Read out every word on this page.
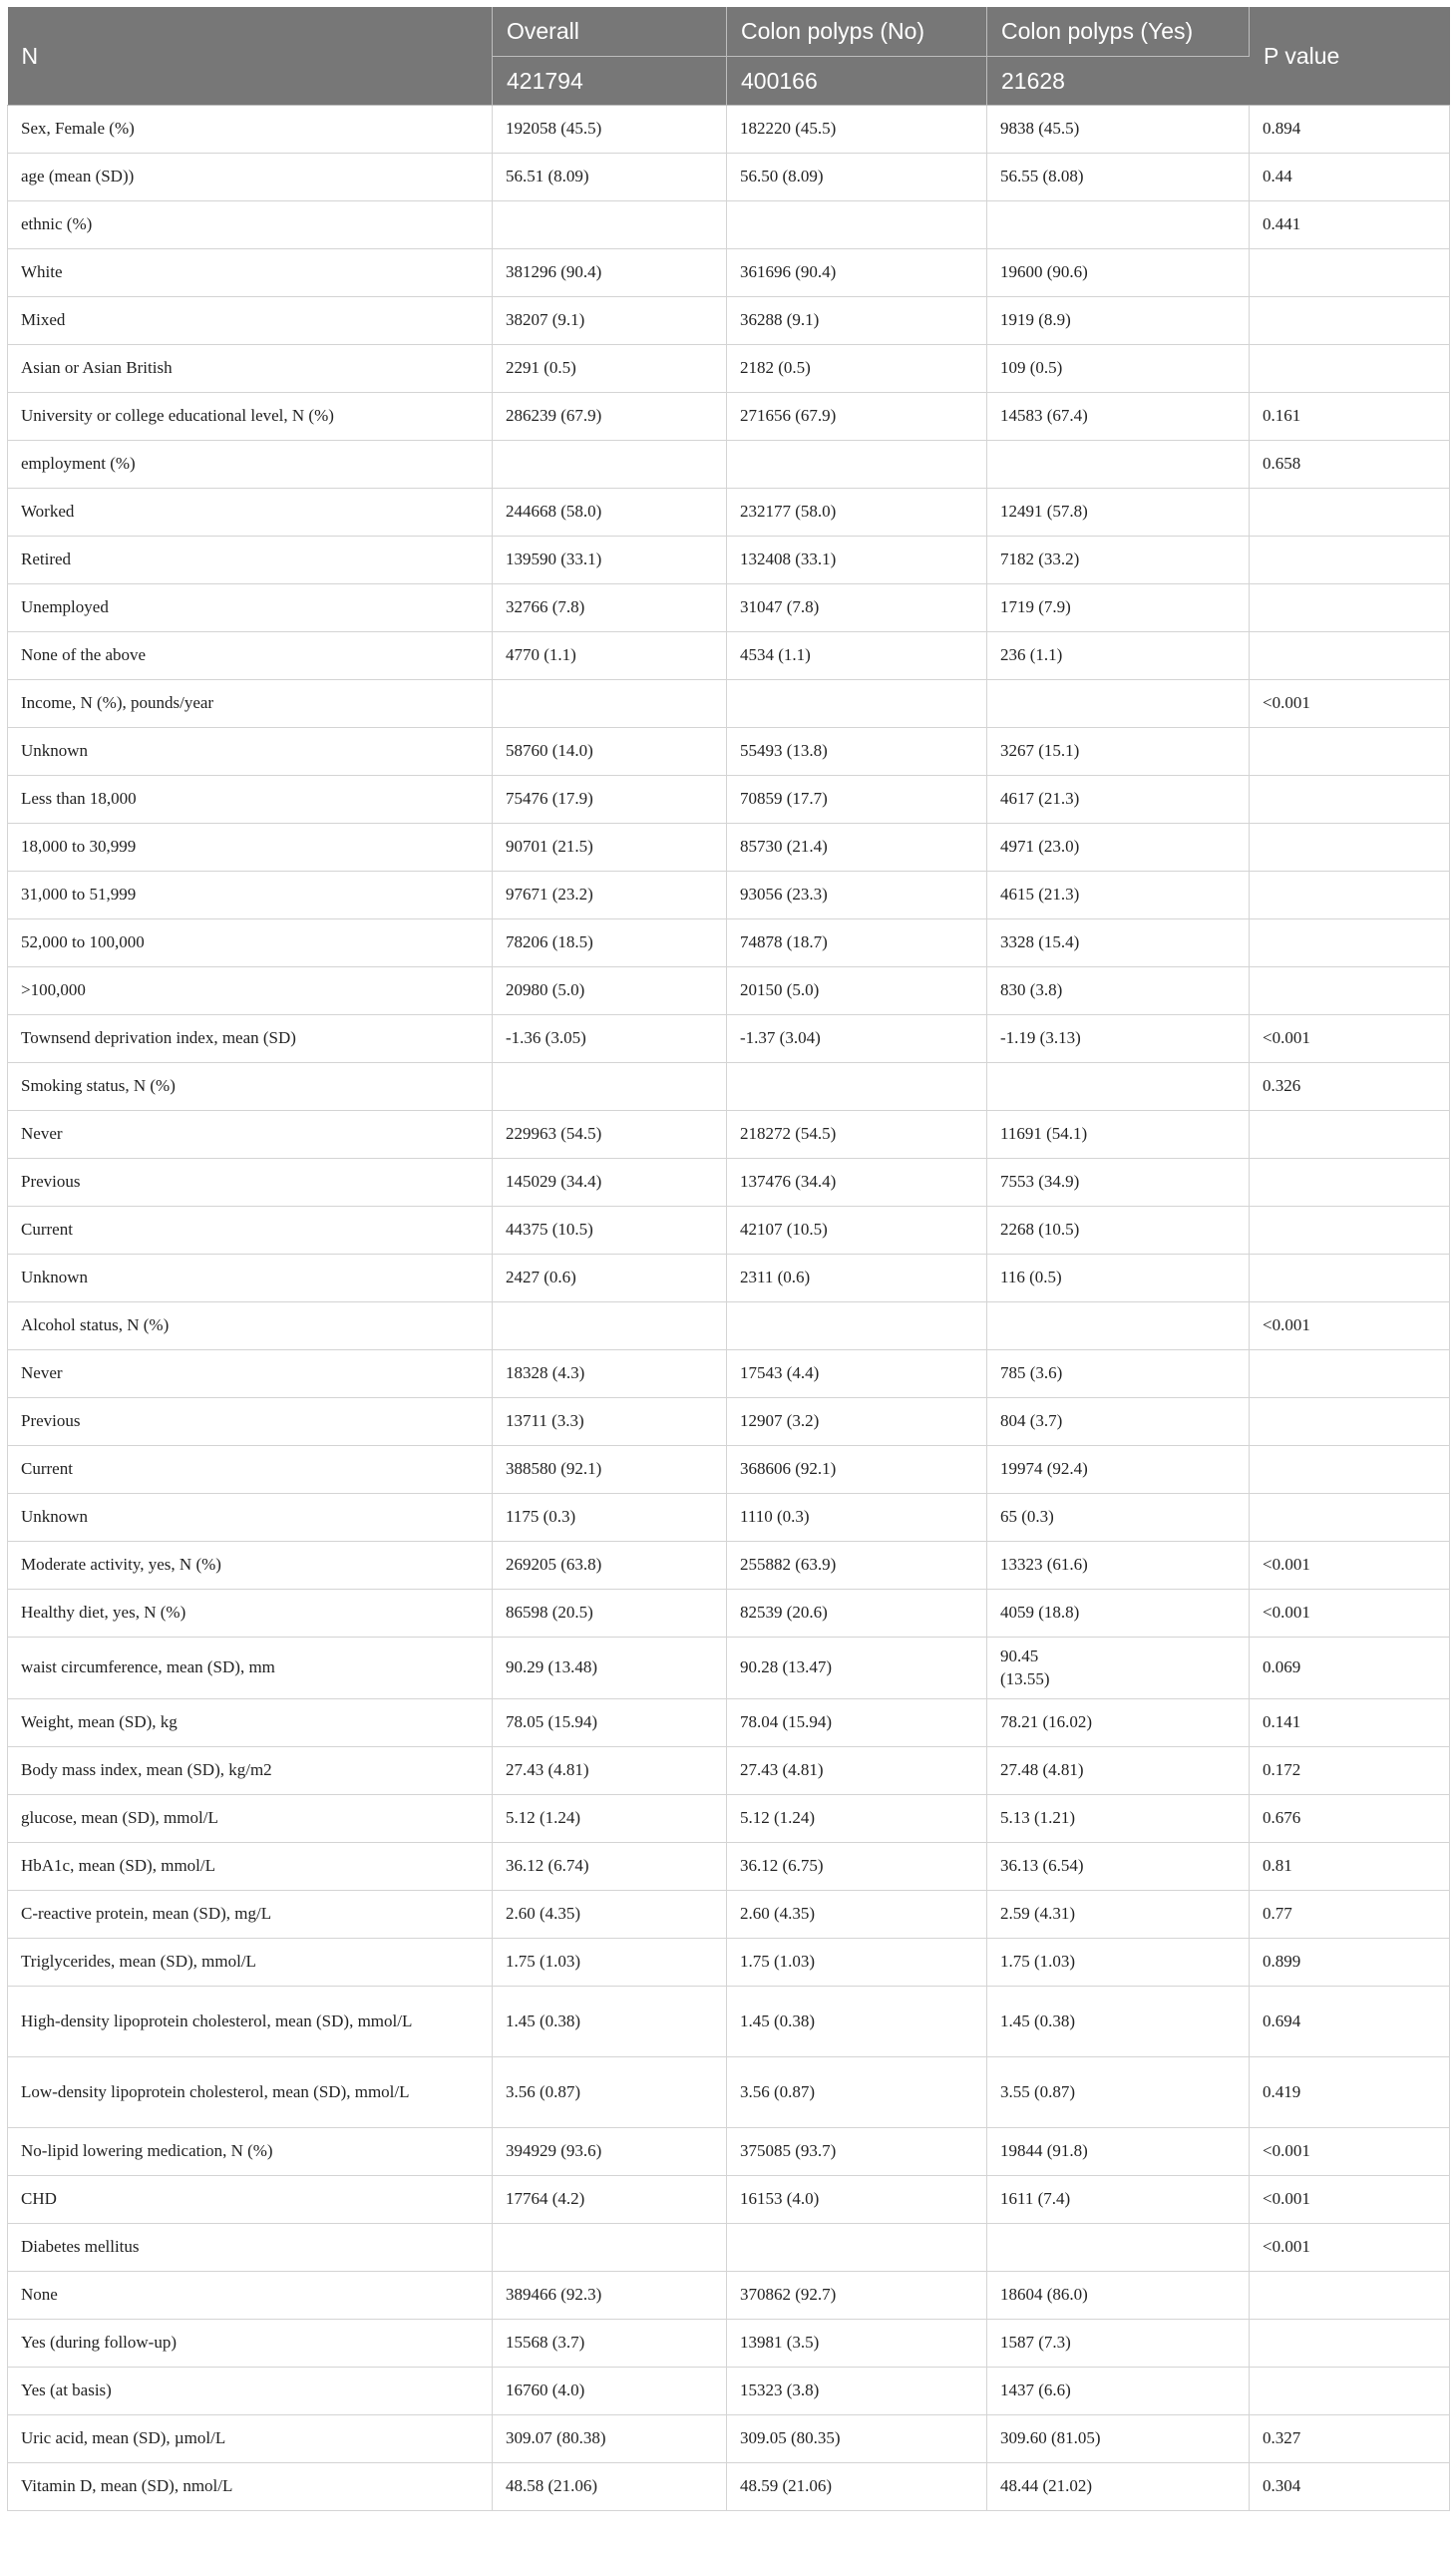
N	Overall	Colon polyps (No)	Colon polyps (Yes)	P value
	421794	400166	21628	
Sex, Female (%)	192058 (45.5)	182220 (45.5)	9838 (45.5)	0.894
age (mean (SD))	56.51 (8.09)	56.50 (8.09)	56.55 (8.08)	0.44
ethnic (%)				0.441
White	381296 (90.4)	361696 (90.4)	19600 (90.6)	
Mixed	38207 (9.1)	36288 (9.1)	1919 (8.9)	
Asian or Asian British	2291 (0.5)	2182 (0.5)	109 (0.5)	
University or college educational level, N (%)	286239 (67.9)	271656 (67.9)	14583 (67.4)	0.161
employment (%)				0.658
Worked	244668 (58.0)	232177 (58.0)	12491 (57.8)	
Retired	139590 (33.1)	132408 (33.1)	7182 (33.2)	
Unemployed	32766 (7.8)	31047 (7.8)	1719 (7.9)	
None of the above	4770 (1.1)	4534 (1.1)	236 (1.1)	
Income, N (%), pounds/year				<0.001
Unknown	58760 (14.0)	55493 (13.8)	3267 (15.1)	
Less than 18,000	75476 (17.9)	70859 (17.7)	4617 (21.3)	
18,000 to 30,999	90701 (21.5)	85730 (21.4)	4971 (23.0)	
31,000 to 51,999	97671 (23.2)	93056 (23.3)	4615 (21.3)	
52,000 to 100,000	78206 (18.5)	74878 (18.7)	3328 (15.4)	
>100,000	20980 (5.0)	20150 (5.0)	830 (3.8)	
Townsend deprivation index, mean (SD)	-1.36 (3.05)	-1.37 (3.04)	-1.19 (3.13)	<0.001
Smoking status, N (%)				0.326
Never	229963 (54.5)	218272 (54.5)	11691 (54.1)	
Previous	145029 (34.4)	137476 (34.4)	7553 (34.9)	
Current	44375 (10.5)	42107 (10.5)	2268 (10.5)	
Unknown	2427 (0.6)	2311 (0.6)	116 (0.5)	
Alcohol status, N (%)				<0.001
Never	18328 (4.3)	17543 (4.4)	785 (3.6)	
Previous	13711 (3.3)	12907 (3.2)	804 (3.7)	
Current	388580 (92.1)	368606 (92.1)	19974 (92.4)	
Unknown	1175 (0.3)	1110 (0.3)	65 (0.3)	
Moderate activity, yes, N (%)	269205 (63.8)	255882 (63.9)	13323 (61.6)	<0.001
Healthy diet, yes, N (%)	86598 (20.5)	82539 (20.6)	4059 (18.8)	<0.001
waist circumference, mean (SD), mm	90.29 (13.48)	90.28 (13.47)	90.45
(13.55)	0.069
Weight, mean (SD), kg	78.05 (15.94)	78.04 (15.94)	78.21 (16.02)	0.141
Body mass index, mean (SD), kg/m2	27.43 (4.81)	27.43 (4.81)	27.48 (4.81)	0.172
glucose, mean (SD), mmol/L	5.12 (1.24)	5.12 (1.24)	5.13 (1.21)	0.676
HbA1c, mean (SD), mmol/L	36.12 (6.74)	36.12 (6.75)	36.13 (6.54)	0.81
C-reactive protein, mean (SD), mg/L	2.60 (4.35)	2.60 (4.35)	2.59 (4.31)	0.77
Triglycerides, mean (SD), mmol/L	1.75 (1.03)	1.75 (1.03)	1.75 (1.03)	0.899
High-density lipoprotein cholesterol, mean (SD), mmol/L	1.45 (0.38)	1.45 (0.38)	1.45 (0.38)	0.694
Low-density lipoprotein cholesterol, mean (SD), mmol/L	3.56 (0.87)	3.56 (0.87)	3.55 (0.87)	0.419
No-lipid lowering medication, N (%)	394929 (93.6)	375085 (93.7)	19844 (91.8)	<0.001
CHD	17764 (4.2)	16153 (4.0)	1611 (7.4)	<0.001
Diabetes mellitus				<0.001
None	389466 (92.3)	370862 (92.7)	18604 (86.0)	
Yes (during follow-up)	15568 (3.7)	13981 (3.5)	1587 (7.3)	
Yes (at basis)	16760 (4.0)	15323 (3.8)	1437 (6.6)	
Uric acid, mean (SD), µmol/L	309.07 (80.38)	309.05 (80.35)	309.60 (81.05)	0.327
Vitamin D, mean (SD), nmol/L	48.58 (21.06)	48.59 (21.06)	48.44 (21.02)	0.304
